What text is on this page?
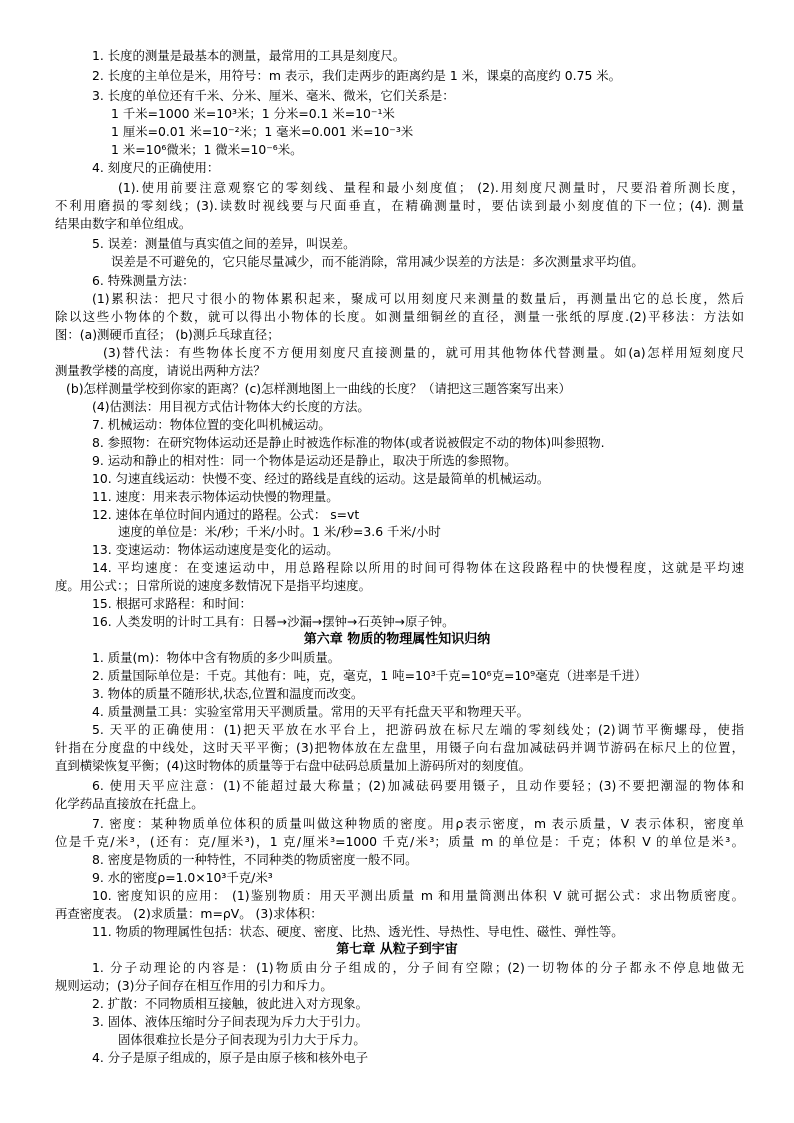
1. 长度的测量是最基本的测量，最常用的工具是刻度尺。
2. 长度的主单位是米，用符号：m 表示，我们走两步的距离约是 1 米，课桌的高度约 0.75 米。
3. 长度的单位还有千米、分米、厘米、毫米、微米，它们关系是：
1 千米=1000 米=10³米；1 分米=0.1 米=10⁻¹米
1 厘米=0.01 米=10⁻²米；1 毫米=0.001 米=10⁻³米
1 米=10⁶微米；1 微米=10⁻⁶米。
4. 刻度尺的正确使用：
(1).使用前要注意观察它的零刻线、量程和最小刻度值； (2).用刻度尺测量时，尺要沿着所测长度，
不利用磨损的零刻线；(3).读数时视线要与尺面垂直，在精确测量时，要估读到最小刻度值的下一位；(4). 测量
结果由数字和单位组成。
5. 误差：测量值与真实值之间的差异，叫误差。
误差是不可避免的，它只能尽量减少，而不能消除，常用减少误差的方法是：多次测量求平均值。
6. 特殊测量方法：
(1)累积法：把尺寸很小的物体累积起来，聚成可以用刻度尺来测量的数量后，再测量出它的总长度，然后
除以这些小物体的个数，就可以得出小物体的长度。如测量细铜丝的直径，测量一张纸的厚度.(2)平移法：方法如
图：(a)测硬币直径； (b)测乒乓球直径；
(3)替代法：有些物体长度不方便用刻度尺直接测量的，就可用其他物体代替测量。如(a)怎样用短刻度尺
测量教学楼的高度，请说出两种方法？
(b)怎样测量学校到你家的距离？(c)怎样测地图上一曲线的长度？（请把这三题答案写出来）
(4)估测法：用目视方式估计物体大约长度的方法。
7. 机械运动：物体位置的变化叫机械运动。
8. 参照物：在研究物体运动还是静止时被选作标准的物体(或者说被假定不动的物体)叫参照物.
9. 运动和静止的相对性：同一个物体是运动还是静止，取决于所选的参照物。
10. 匀速直线运动：快慢不变、经过的路线是直线的运动。这是最简单的机械运动。
11. 速度：用来表示物体运动快慢的物理量。
12. 速体在单位时间内通过的路程。公式： s=vt
速度的单位是：米/秒；千米/小时。1 米/秒=3.6 千米/小时
13. 变速运动：物体运动速度是变化的运动。
14. 平均速度：在变速运动中，用总路程除以所用的时间可得物体在这段路程中的快慢程度，这就是平均速
度。用公式：；日常所说的速度多数情况下是指平均速度。
15. 根据可求路程：和时间：
16. 人类发明的计时工具有：日晷→沙漏→摆钟→石英钟→原子钟。
第六章 物质的物理属性知识归纳
1. 质量(m)：物体中含有物质的多少叫质量。
2. 质量国际单位是：千克。其他有：吨，克，毫克，1 吨=10³千克=10⁶克=10⁹毫克（进率是千进）
3. 物体的质量不随形状,状态,位置和温度而改变。
4. 质量测量工具：实验室常用天平测质量。常用的天平有托盘天平和物理天平。
5. 天平的正确使用：(1)把天平放在水平台上，把游码放在标尺左端的零刻线处；(2)调节平衡螺母，使指
针指在分度盘的中线处，这时天平平衡；(3)把物体放在左盘里，用镊子向右盘加减砝码并调节游码在标尺上的位置，
直到横梁恢复平衡；(4)这时物体的质量等于右盘中砝码总质量加上游码所对的刻度值。
6. 使用天平应注意：(1)不能超过最大称量；(2)加减砝码要用镊子，且动作要轻；(3)不要把潮湿的物体和
化学药品直接放在托盘上。
7. 密度：某种物质单位体积的质量叫做这种物质的密度。用ρ表示密度，m 表示质量，V 表示体积，密度单
位是千克/米³，(还有：克/厘米³)，1 克/厘米³=1000 千克/米³；质量 m 的单位是：千克；体积 V 的单位是米³。
8. 密度是物质的一种特性，不同种类的物质密度一般不同。
9. 水的密度ρ=1.0×10³千克/米³
10. 密度知识的应用： (1)鉴别物质：用天平测出质量 m 和用量筒测出体积 V 就可据公式：求出物质密度。
再查密度表。 (2)求质量：m=ρV。 (3)求体积：
11. 物质的物理属性包括：状态、硬度、密度、比热、透光性、导热性、导电性、磁性、弹性等。
第七章 从粒子到宇宙
1. 分子动理论的内容是：(1)物质由分子组成的，分子间有空隙；(2)一切物体的分子都永不停息地做无
规则运动；(3)分子间存在相互作用的引力和斥力。
2. 扩散：不同物质相互接触，彼此进入对方现象。
3. 固体、液体压缩时分子间表现为斥力大于引力。
固体很难拉长是分子间表现为引力大于斥力。
4. 分子是原子组成的，原子是由原子核和核外电子
